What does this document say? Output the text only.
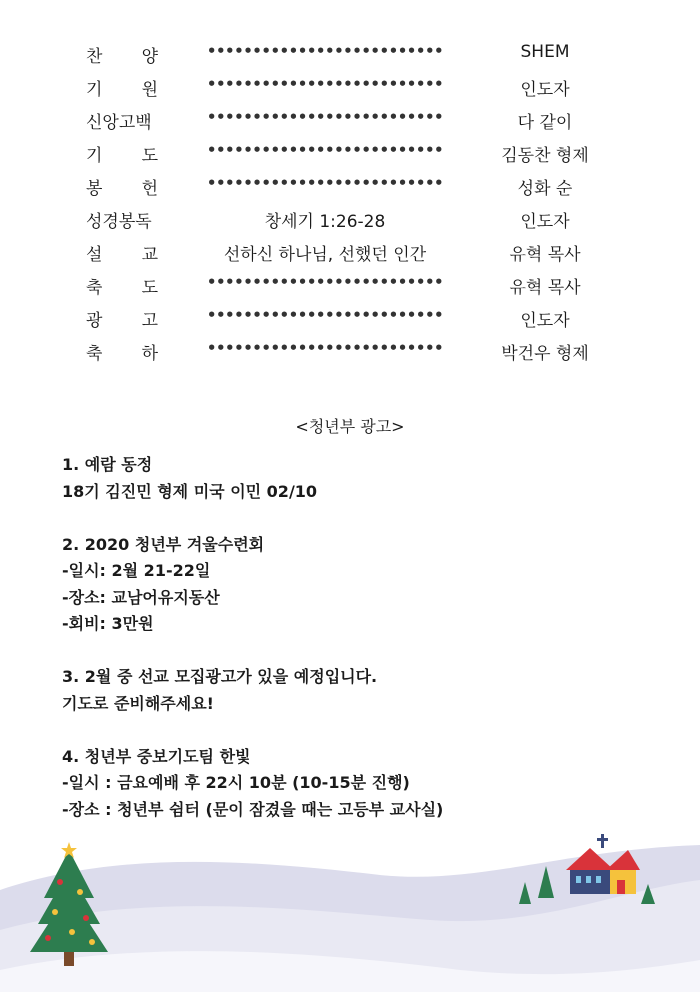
찬 양	••••••••••••••••••••••••••	SHEM
기 원	••••••••••••••••••••••••••	인도자
신앙고백	••••••••••••••••••••••••••	다 같이
기 도	••••••••••••••••••••••••••	김동찬 형제
봉 헌	••••••••••••••••••••••••••	성화 순
성경봉독	창세기 1:26-28	인도자
설 교	선하신 하나님, 선했던 인간	유혁 목사
축 도	••••••••••••••••••••••••••	유혁 목사
광 고	••••••••••••••••••••••••••	인도자
축 하	••••••••••••••••••••••••••	박건우 형제
<청년부 광고>
1. 예람 동정
18기 김진민 형제 미국 이민 02/10
2. 2020 청년부 겨울수련회
-일시: 2월 21-22일
-장소: 교남어유지동산
-회비: 3만원
3. 2월 중 선교 모집광고가 있을 예정입니다.
기도로 준비해주세요!
4. 청년부 중보기도팀 한빛
-일시 : 금요예배 후 22시 10분 (10-15분 진행)
-장소 : 청년부 쉼터 (문이 잠겼을 때는 고등부 교사실)
